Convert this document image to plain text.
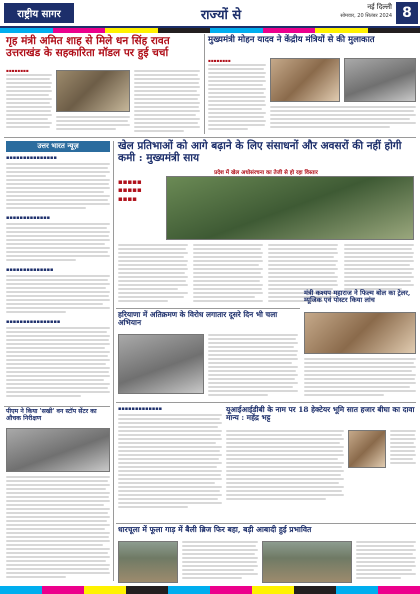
राष्ट्रीय सागर	राज्यों से
नई दिल्ली
सोमवार, 20 सितंबर 2024 8
गृह मंत्री अमित शाह से मिले धन सिंह रावत उत्तराखंड के सहकारिता मॉडल पर हुई चर्चा
▪▪▪▪▪▪▪▪
मुख्यमंत्री मोहन यादव ने केंद्रीय मंत्रियों से की मुलाकात
▪▪▪▪▪▪▪▪
उत्तर भारत न्यूज़
▪▪▪▪▪▪▪▪▪▪▪▪▪▪▪
▪▪▪▪▪▪▪▪▪▪▪▪▪
▪▪▪▪▪▪▪▪▪▪▪▪▪▪
▪▪▪▪▪▪▪▪▪▪▪▪▪▪▪▪
खेल प्रतिभाओं को आगे बढ़ाने के लिए संसाधनों और अवसरों की नहीं होगी कमी : मुख्यमंत्री साय
प्रदेश में खेल अधोसंरचना का तेजी से हो रहा विस्तार
▪▪▪▪▪ ▪▪▪▪▪ ▪▪▪▪
मंत्री कश्यप महाराज ने फिल्म बोल का ट्रेलर, म्यूजिक एवं पोस्टर किया लांच
हरियाणा में अतिक्रमण के विरोध लगातार दूसरे दिन भी चला अभियान
यूआईआईडीबी के नाम पर 18 हेक्टेयर भूमि सात हजार बीघा का दावा मान्य : महेंद्र भट्ट
▪▪▪▪▪▪▪▪▪▪▪▪▪
पीएम ने किया 'सखी' वन स्टॉप सेंटर का औचक निरीक्षण
धारचूला में फूला गाड़ में बैली ब्रिज फिर बहा, बड़ी आबादी हुई प्रभावित
